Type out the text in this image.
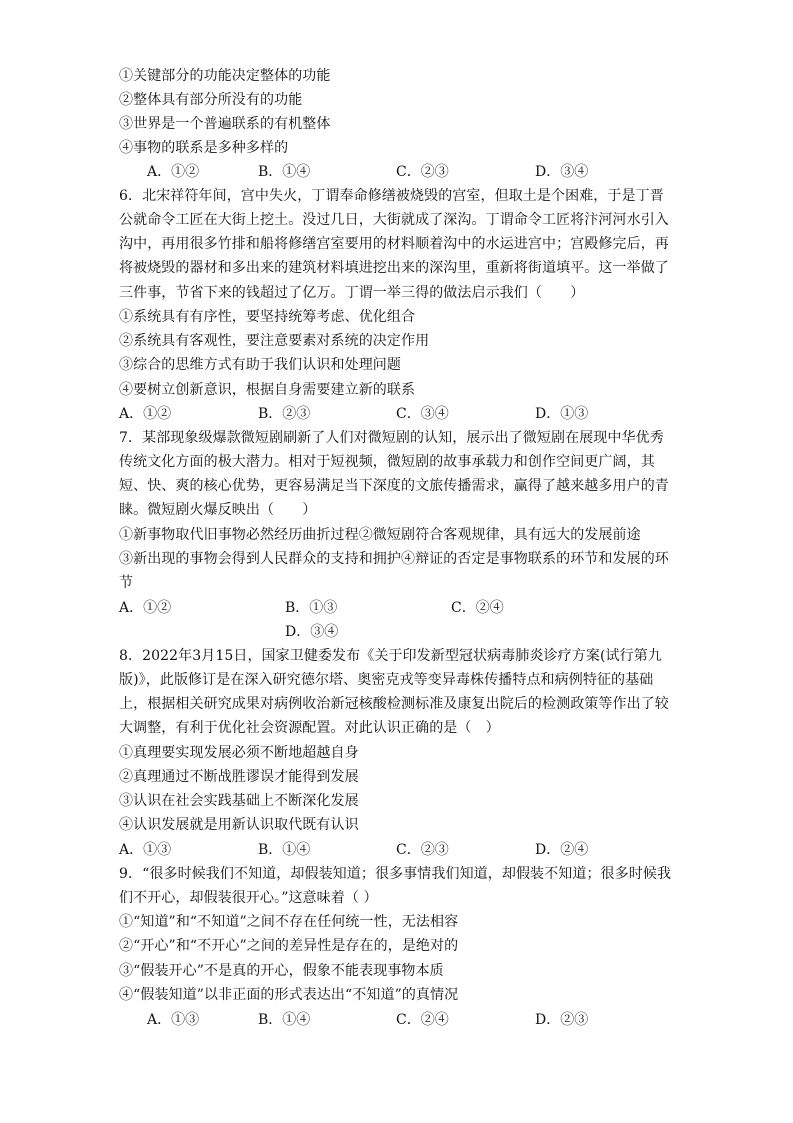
①关键部分的功能决定整体的功能
②整体具有部分所没有的功能
③世界是一个普遍联系的有机整体
④事物的联系是多种多样的
A．①②	B．①④	C．②③	D．③④
6．北宋祥符年间，宫中失火，丁谓奉命修缮被烧毁的宫室，但取土是个困难，于是丁晋
公就命令工匠在大街上挖土。没过几日，大街就成了深沟。丁谓命令工匠将汴河河水引入
沟中，再用很多竹排和船将修缮宫室要用的材料顺着沟中的水运进宫中；宫殿修完后，再
将被烧毁的器材和多出来的建筑材料填进挖出来的深沟里，重新将街道填平。这一举做了
三件事，节省下来的钱超过了亿万。丁谓一举三得的做法启示我们（　　）
①系统具有有序性，要坚持统筹考虑、优化组合
②系统具有客观性，要注意要素对系统的决定作用
③综合的思维方式有助于我们认识和处理问题
④要树立创新意识，根据自身需要建立新的联系
A．①②	B．②③	C．③④	D．①③
7．某部现象级爆款微短剧刷新了人们对微短剧的认知，展示出了微短剧在展现中华优秀
传统文化方面的极大潜力。相对于短视频，微短剧的故事承载力和创作空间更广阔，其
短、快、爽的核心优势，更容易满足当下深度的文旅传播需求，赢得了越来越多用户的青
睐。微短剧火爆反映出（　　）
①新事物取代旧事物必然经历曲折过程②微短剧符合客观规律，具有远大的发展前途
③新出现的事物会得到人民群众的支持和拥护④辩证的否定是事物联系的环节和发展的环
节
A．①②	B．①③	C．②④
D．③④
8．2022年3月15日，国家卫健委发布《关于印发新型冠状病毒肺炎诊疗方案(试行第九
版)》，此版修订是在深入研究德尔塔、奥密克戎等变异毒株传播特点和病例特征的基础
上，根据相关研究成果对病例收治新冠核酸检测标准及康复出院后的检测政策等作出了较
大调整，有利于优化社会资源配置。对此认识正确的是（　）
①真理要实现发展必须不断地超越自身
②真理通过不断战胜谬误才能得到发展
③认识在社会实践基础上不断深化发展
④认识发展就是用新认识取代既有认识
A．①③	B．①④	C．②③	D．②④
9．“很多时候我们不知道，却假装知道；很多事情我们知道，却假装不知道；很多时候我
们不开心，却假装很开心。”这意味着（ ）
①“知道”和“不知道”之间不存在任何统一性，无法相容
②“开心”和“不开心”之间的差异性是存在的，是绝对的
③“假装开心”不是真的开心，假象不能表现事物本质
④“假装知道”以非正面的形式表达出“不知道”的真情况
A．①③	B．①④	C．②④	D．②③
